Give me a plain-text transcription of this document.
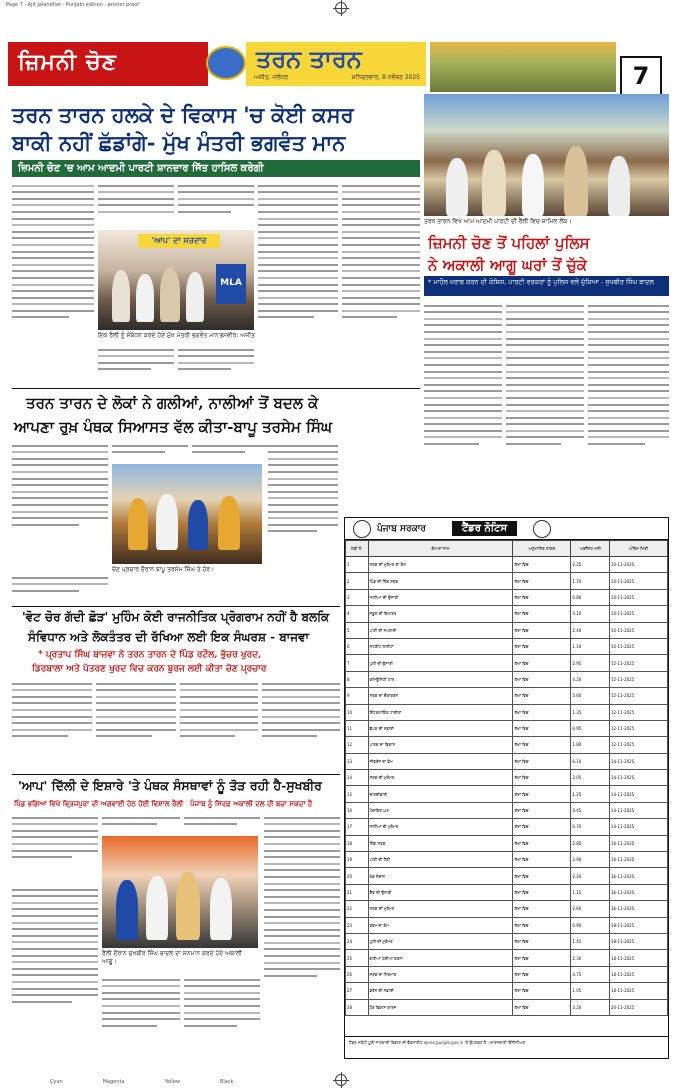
Page 7 · Ajit Jalandhar · Punjabi edition · printer proof
Cyan	Magenta	Yellow	Black
ਜ਼ਿਮਨੀ ਚੋਣ	ਤਰਨ ਤਾਰਨ
ਅਜੀਤ, ਜਲੰਧਰ	ਸ਼ਨਿਚਰਵਾਰ, 8 ਨਵੰਬਰ 2025	7
ਤਰਨ ਤਾਰਨ ਹਲਕੇ ਦੇ ਵਿਕਾਸ 'ਚ ਕੋਈ ਕਸਰ
ਬਾਕੀ ਨਹੀਂ ਛੱਡਾਂਗੇ- ਮੁੱਖ ਮੰਤਰੀ ਭਗਵੰਤ ਮਾਨ
ਜ਼ਿਮਨੀ ਚੋਣ 'ਚ ਆਮ ਆਦਮੀ ਪਾਰਟੀ ਸ਼ਾਨਦਾਰ ਜਿੱਤ ਹਾਸਿਲ ਕਰੇਗੀ
'ਆਪ' ਦਾ ਸਰਦਾਰ
MLA
ਇਕ ਰੈਲੀ ਨੂੰ ਸੰਬੋਧਨ ਕਰਦੇ ਹੋਏ ਮੁੱਖ ਮੰਤਰੀ ਭਗਵੰਤ ਮਾਨ।
ਤਸਵੀਰ: ਅਜੀਤ
ਤਰਨ ਤਾਰਨ ਵਿਖੇ ਆਮ ਆਦਮੀ ਪਾਰਟੀ ਦੀ ਰੈਲੀ ਵਿਚ ਸ਼ਾਮਿਲ ਲੋਕ।
ਜ਼ਿਮਨੀ ਚੋਣ ਤੋਂ ਪਹਿਲਾਂ ਪੁਲਿਸ
ਨੇ ਅਕਾਲੀ ਆਗੂ ਘਰਾਂ ਤੋਂ ਚੁੱਕੇ
* ਮਾਹੌਲ ਖ਼ਰਾਬ ਕਰਨ ਦੀ ਕੋਸ਼ਿਸ਼, ਪਾਰਟੀ ਵਰਕਰਾਂ ਨੂੰ ਪੁਲਿਸ ਵਲੋਂ ਚੁੱਕਿਆ - ਸੁਖਬੀਰ ਸਿੰਘ ਬਾਦਲ
ਤਰਨ ਤਾਰਨ ਦੇ ਲੋਕਾਂ ਨੇ ਗਲੀਆਂ, ਨਾਲੀਆਂ ਤੋਂ ਬਦਲ ਕੇ
ਆਪਣਾ ਰੁਖ਼ ਪੰਥਕ ਸਿਆਸਤ ਵੱਲ ਕੀਤਾ-ਬਾਪੂ ਤਰਸੇਮ ਸਿੰਘ
ਚੋਣ ਪ੍ਰਚਾਰ ਦੌਰਾਨ ਬਾਪੂ ਤਰਸੇਮ ਸਿੰਘ ਤੇ ਹੋਰ।
'ਵੋਟ ਚੋਰ ਗੱਦੀ ਛੋੜ' ਮੁਹਿੰਮ ਕੋਈ ਰਾਜਨੀਤਿਕ ਪ੍ਰੋਗਰਾਮ ਨਹੀਂ ਹੈ ਬਲਕਿ
ਸੰਵਿਧਾਨ ਅਤੇ ਲੋਕਤੰਤਰ ਦੀ ਰੱਖਿਆ ਲਈ ਇਕ ਸੰਘਰਸ਼ - ਬਾਜਵਾ
* ਪ੍ਰਤਾਪ ਸਿੰਘ ਬਾਜਵਾ ਨੇ ਤਰਨ ਤਾਰਨ ਦੇ ਪਿੰਡ ਰਟੌਲ, ਭੁੱਚਰ ਖੁਰਦ,
ਡਿਰਬਾਲਾ ਅਤੇ ਪੱਤਰਣ ਖੁਰਦ ਵਿਚ ਕਰਨ ਬੁਰਜ ਲਈ ਕੀਤਾ ਚੋਣ ਪ੍ਰਚਾਰ
'ਆਪ' ਦਿੱਲੀ ਦੇ ਇਸ਼ਾਰੇ 'ਤੇ ਪੰਥਕ ਸੰਸਥਾਵਾਂ ਨੂੰ ਤੋੜ ਰਹੀ ਹੈ-ਸੁਖਬੀਰ
ਪਿੰਡ ਭਗਿਆ ਵਿਖੇ ਵ੍ਰਿਜਪੁਰਾ ਦੀ ਅਗਵਾਈ ਹੇਠ ਹੋਈ ਵਿਸ਼ਾਲ ਰੈਲੀ ਪੰਜਾਬ ਨੂੰ ਸਿਰਫ਼ ਅਕਾਲੀ ਦਲ ਹੀ ਬਚਾ ਸਕਦਾ ਹੈ
ਰੈਲੀ ਦੌਰਾਨ ਸੁਖਬੀਰ ਸਿੰਘ ਬਾਦਲ ਦਾ ਸਨਮਾਨ ਕਰਦੇ ਹੋਏ ਅਕਾਲੀ ਆਗੂ।
ਪੰਜਾਬ ਸਰਕਾਰ	ਟੈਂਡਰ ਨੋਟਿਸ
ਲੜੀ ਨੰ.	ਕੰਮ ਦਾ ਨਾਮ	ਅਨੁਮਾਨਿਤ ਲਾਗਤ	ਅਰਨੈਸਟ ਮਨੀ	ਅੰਤਿਮ ਮਿਤੀ
1	ਸੜਕ ਦੀ ਮੁਰੰਮਤ ਦਾ ਕੰਮ	ਲੱਖਾਂ ਵਿਚ	2.25	10-11-2025
2	ਪਿੰਡ ਦੀ ਲਿੰਕ ਸੜਕ	ਲੱਖਾਂ ਵਿਚ	1.70	10-11-2025
3	ਨਾਲੀਆਂ ਦੀ ਉਸਾਰੀ	ਲੱਖਾਂ ਵਿਚ	0.80	10-11-2025
4	ਸਕੂਲ ਦੀ ਇਮਾਰਤ	ਲੱਖਾਂ ਵਿਚ	3.10	10-11-2025
5	ਪਾਣੀ ਦੀ ਸਪਲਾਈ	ਲੱਖਾਂ ਵਿਚ	2.40	10-11-2025
6	ਸਟਰੀਟ ਲਾਈਟਾਂ	ਲੱਖਾਂ ਵਿਚ	1.10	10-11-2025
7	ਪੁਲੀ ਦੀ ਉਸਾਰੀ	ਲੱਖਾਂ ਵਿਚ	2.95	12-11-2025
8	ਕਮਿਊਨਿਟੀ ਹਾਲ	ਲੱਖਾਂ ਵਿਚ	4.20	12-11-2025
9	ਸੜਕ ਦਾ ਚੌੜਾਕਰਨ	ਲੱਖਾਂ ਵਿਚ	5.60	12-11-2025
10	ਇੰਟਰਲਾਕਿੰਗ ਟਾਈਲਾਂ	ਲੱਖਾਂ ਵਿਚ	1.35	12-11-2025
11	ਛੱਪੜ ਦੀ ਸਫ਼ਾਈ	ਲੱਖਾਂ ਵਿਚ	0.95	12-11-2025
12	ਪਾਰਕ ਦਾ ਵਿਕਾਸ	ਲੱਖਾਂ ਵਿਚ	1.80	12-11-2025
13	ਸੀਵਰੇਜ ਦਾ ਕੰਮ	ਲੱਖਾਂ ਵਿਚ	6.10	14-11-2025
14	ਸੜਕ ਦੀ ਮੁਰੰਮਤ	ਲੱਖਾਂ ਵਿਚ	2.05	14-11-2025
15	ਚਾਰਦੀਵਾਰੀ	ਲੱਖਾਂ ਵਿਚ	1.25	14-11-2025
16	ਪੰਚਾਇਤ ਘਰ	ਲੱਖਾਂ ਵਿਚ	3.45	14-11-2025
17	ਨਾਲੀਆਂ ਦੀ ਮੁਰੰਮਤ	ਲੱਖਾਂ ਵਿਚ	0.70	14-11-2025
18	ਲਿੰਕ ਸੜਕ	ਲੱਖਾਂ ਵਿਚ	2.85	16-11-2025
19	ਪਾਣੀ ਦੀ ਟੈਂਕੀ	ਲੱਖਾਂ ਵਿਚ	3.90	16-11-2025
20	ਖੇਡ ਮੈਦਾਨ	ਲੱਖਾਂ ਵਿਚ	2.20	16-11-2025
21	ਸ਼ੈੱਡ ਦੀ ਉਸਾਰੀ	ਲੱਖਾਂ ਵਿਚ	1.15	16-11-2025
22	ਸੜਕ ਦੀ ਮੁਰੰਮਤ	ਲੱਖਾਂ ਵਿਚ	2.60	16-11-2025
23	ਬਰਮ ਦਾ ਕੰਮ	ਲੱਖਾਂ ਵਿਚ	0.90	18-11-2025
24	ਪੁਲੀ ਦੀ ਮੁਰੰਮਤ	ਲੱਖਾਂ ਵਿਚ	1.45	18-11-2025
25	ਗਲੀਆਂ ਪੱਕੀਆਂ ਕਰਨਾ	ਲੱਖਾਂ ਵਿਚ	2.30	18-11-2025
26	ਸੜਕ ਦਾ ਨਿਰਮਾਣ	ਲੱਖਾਂ ਵਿਚ	4.75	18-11-2025
27	ਡਰੇਨ ਦੀ ਸਫ਼ਾਈ	ਲੱਖਾਂ ਵਿਚ	1.05	18-11-2025
28	ਹੋਰ ਵਿਕਾਸ ਕਾਰਜ	ਲੱਖਾਂ ਵਿਚ	3.20	20-11-2025
ਟੈਂਡਰ ਸਬੰਧੀ ਪੂਰੀ ਜਾਣਕਾਰੀ ਵਿਭਾਗ ਦੀ ਵੈੱਬਸਾਈਟ eproc.punjab.gov.in 'ਤੇ ਉਪਲਬਧ ਹੈ। ਕਾਰਜਕਾਰੀ ਇੰਜੀਨੀਅਰ
